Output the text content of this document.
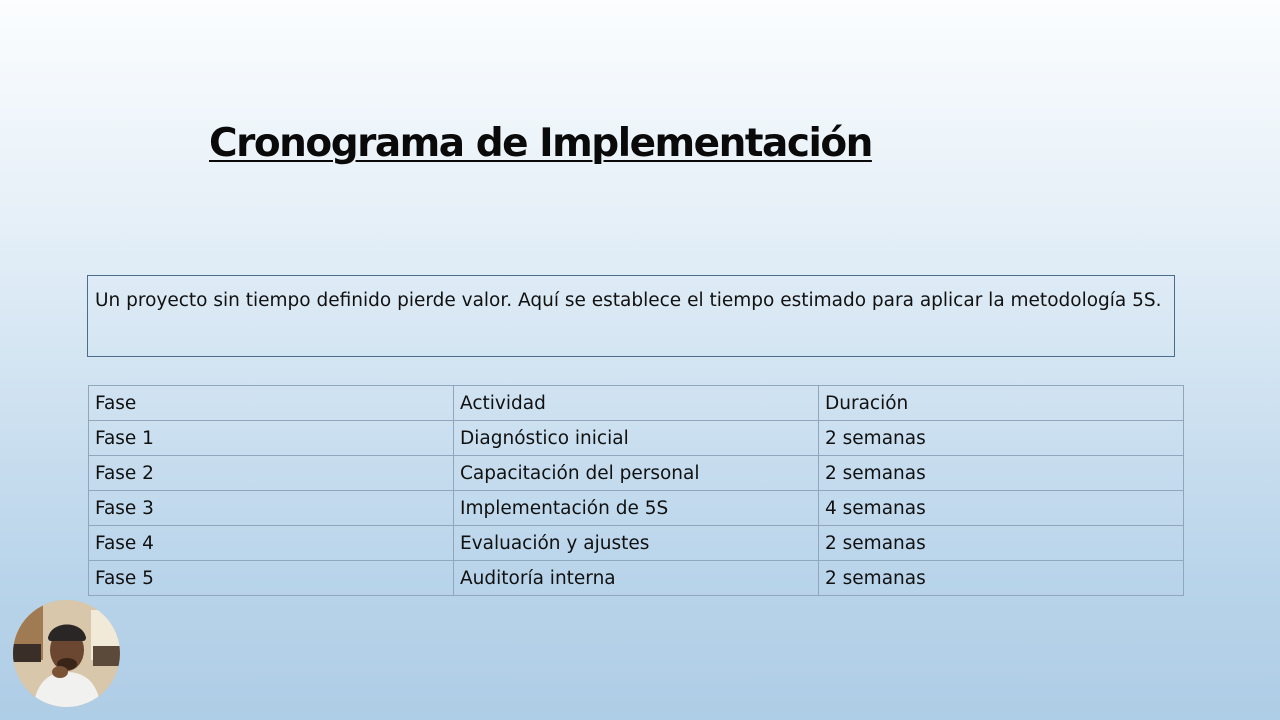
Cronograma de Implementación
Un proyecto sin tiempo definido pierde valor. Aquí se establece el tiempo estimado para aplicar la metodología 5S.
Fase	Actividad	Duración
Fase 1	Diagnóstico inicial	2 semanas
Fase 2	Capacitación del personal	2 semanas
Fase 3	Implementación de 5S	4 semanas
Fase 4	Evaluación y ajustes	2 semanas
Fase 5	Auditoría interna	2 semanas
